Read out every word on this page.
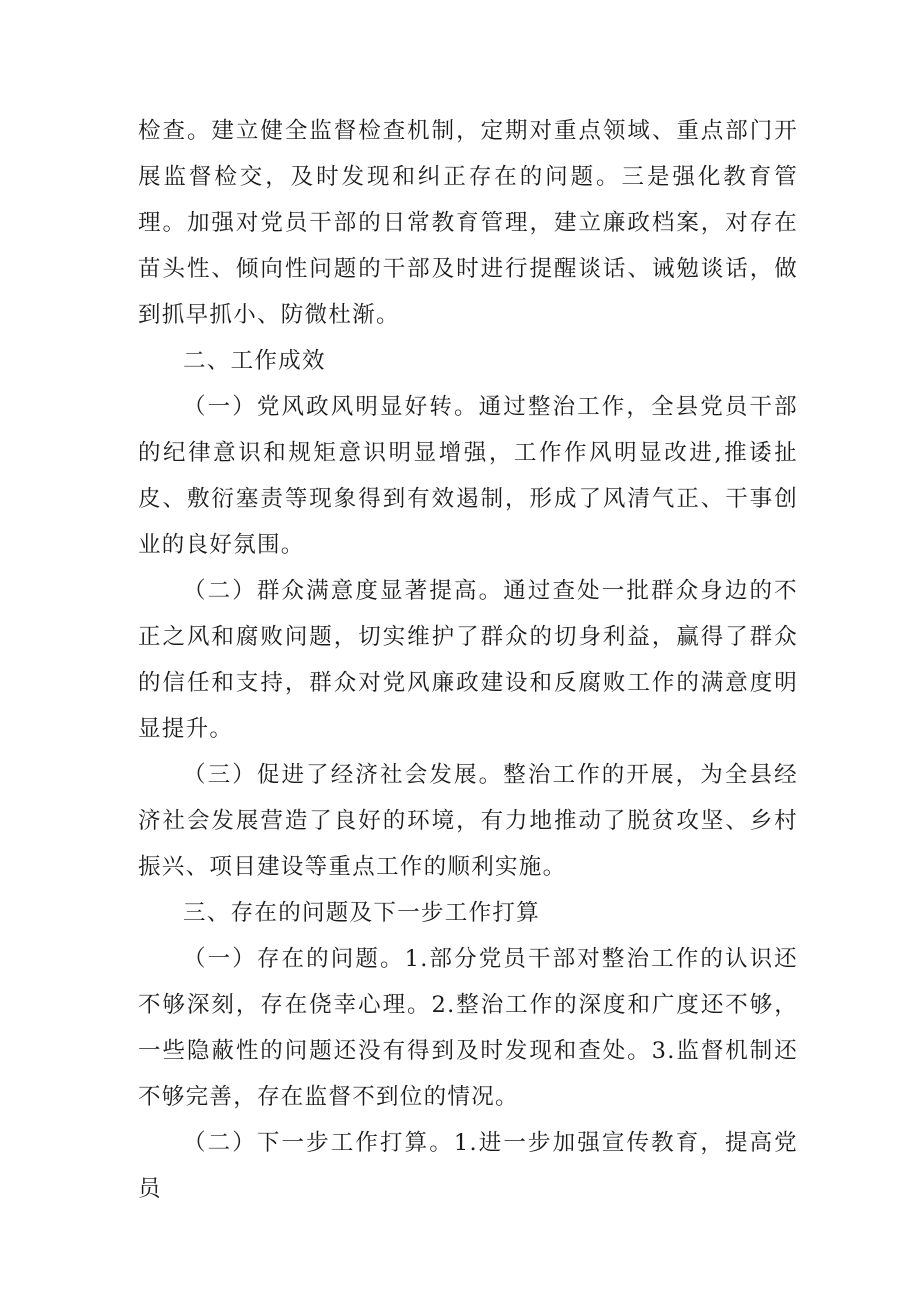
检查。建立健全监督检查机制，定期对重点领域、重点部门开展监督检交，及时发现和纠正存在的问题。三是强化教育管理。加强对党员干部的日常教育管理，建立廉政档案，对存在苗头性、倾向性问题的干部及时进行提醒谈话、诫勉谈话，做到抓早抓小、防微杜渐。

二、工作成效

（一）党风政风明显好转。通过整治工作，全县党员干部的纪律意识和规矩意识明显增强，工作作风明显改进,推诿扯皮、敷衍塞责等现象得到有效遏制，形成了风清气正、干事创业的良好氛围。

（二）群众满意度显著提高。通过查处一批群众身边的不正之风和腐败问题，切实维护了群众的切身利益，赢得了群众的信任和支持，群众对党风廉政建设和反腐败工作的满意度明显提升。

（三）促进了经济社会发展。整治工作的开展，为全县经济社会发展营造了良好的环境，有力地推动了脱贫攻坚、乡村振兴、项目建设等重点工作的顺利实施。

三、存在的问题及下一步工作打算

（一）存在的问题。1.部分党员干部对整治工作的认识还不够深刻，存在侥幸心理。2.整治工作的深度和广度还不够，一些隐蔽性的问题还没有得到及时发现和查处。3.监督机制还不够完善，存在监督不到位的情况。

（二）下一步工作打算。1.进一步加强宣传教育，提高党员
